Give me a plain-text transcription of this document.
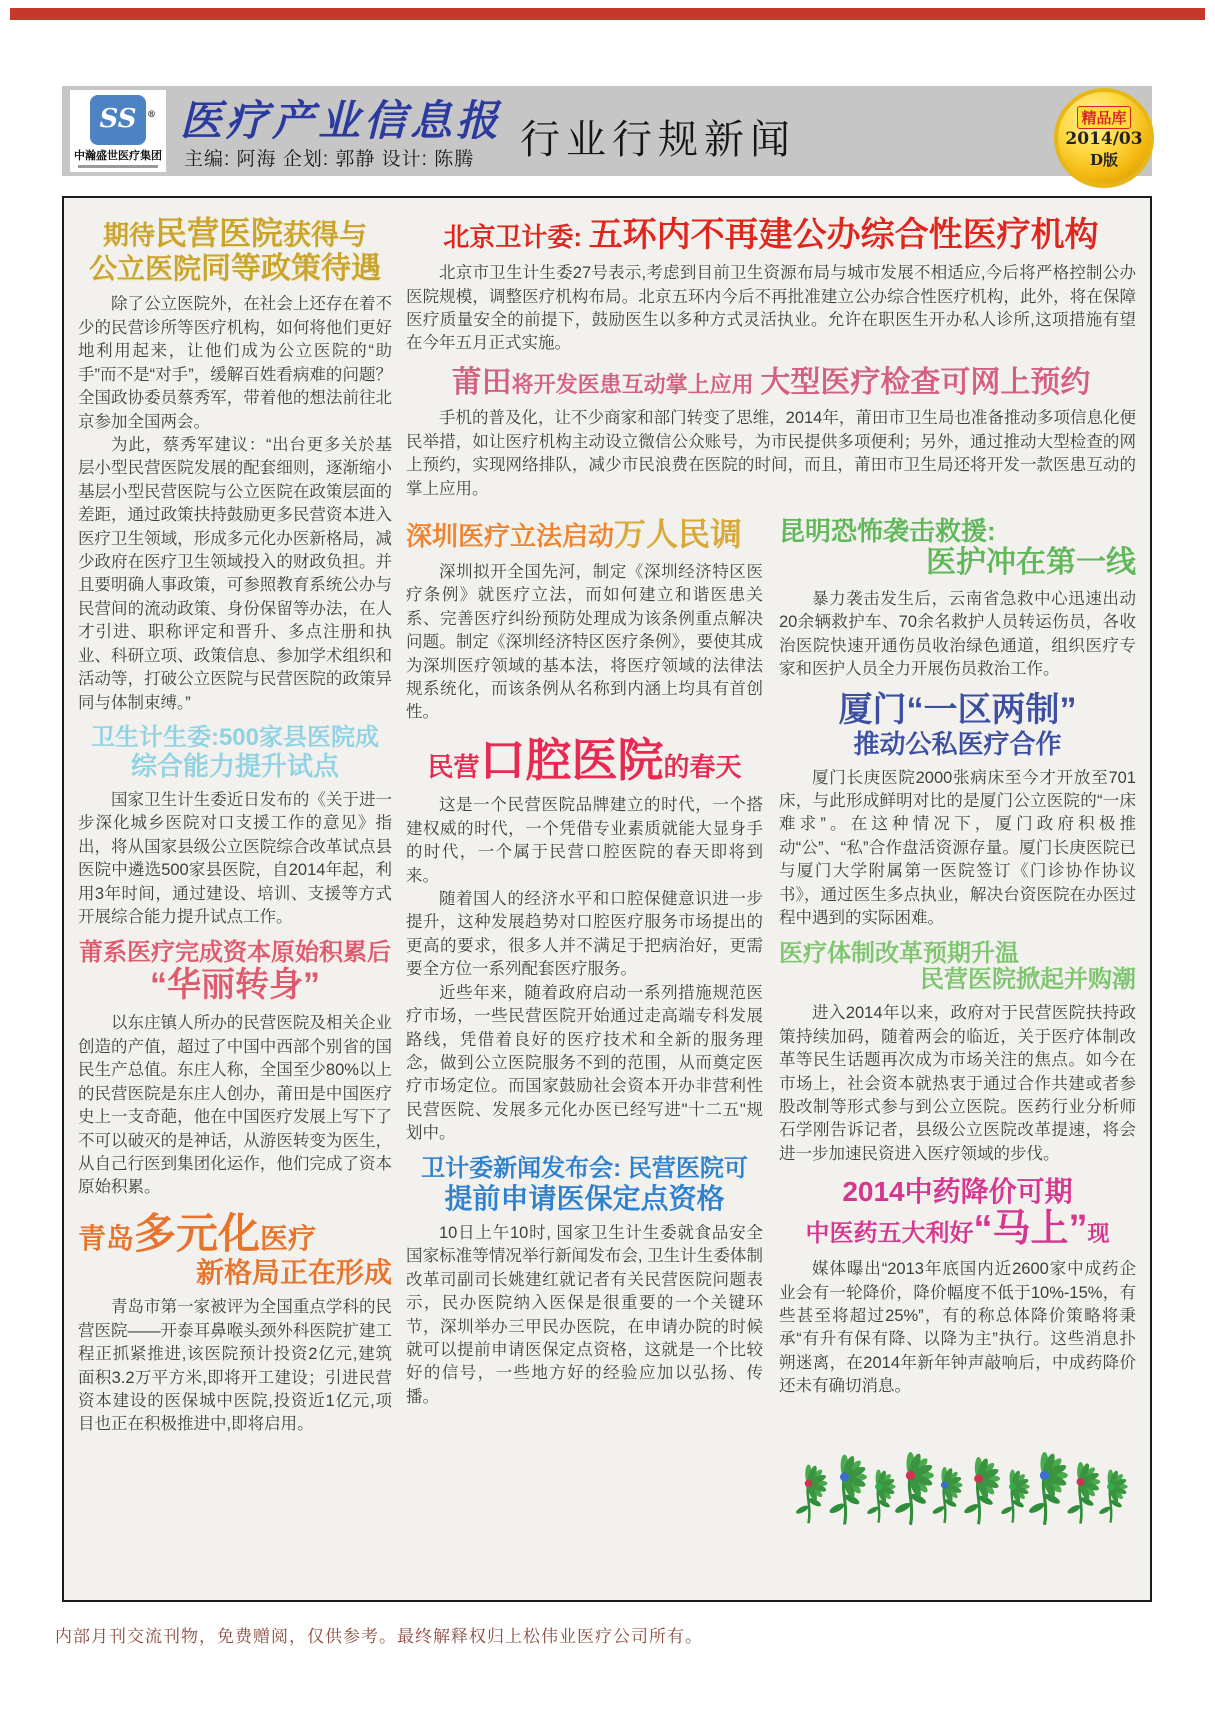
SS ®
中瀚盛世医疗集团
医疗产业信息报
主编: 阿海 企划: 郭静 设计: 陈腾 行业行规新闻	精品库
2014/03
D版
期待民营医院获得与
公立医院同等政策待遇

除了公立医院外，在社会上还存在着不少的民营诊所等医疗机构，如何将他们更好地利用起来，让他们成为公立医院的“助手”而不是“对手”，缓解百姓看病难的问题？全国政协委员蔡秀军，带着他的想法前往北京参加全国两会。

为此，蔡秀军建议：“出台更多关於基层小型民营医院发展的配套细则，逐渐缩小基层小型民营医院与公立医院在政策层面的差距，通过政策扶持鼓励更多民营资本进入医疗卫生领域，形成多元化办医新格局，减少政府在医疗卫生领域投入的财政负担。并且要明确人事政策，可参照教育系统公办与民营间的流动政策、身份保留等办法，在人才引进、职称评定和晋升、多点注册和执业、科研立项、政策信息、参加学术组织和活动等，打破公立医院与民营医院的政策异同与体制束缚。”

卫生计生委:500家县医院成
综合能力提升试点

国家卫生计生委近日发布的《关于进一步深化城乡医院对口支援工作的意见》指出，将从国家县级公立医院综合改革试点县医院中遴选500家县医院，自2014年起，利用3年时间，通过建设、培训、支援等方式开展综合能力提升试点工作。

莆系医疗完成资本原始积累后
“华丽转身”

以东庄镇人所办的民营医院及相关企业创造的产值，超过了中国中西部个别省的国民生产总值。东庄人称，全国至少80%以上的民营医院是东庄人创办，莆田是中国医疗史上一支奇葩，他在中国医疗发展上写下了不可以破灭的是神话，从游医转变为医生，从自己行医到集团化运作，他们完成了资本原始积累。

青岛多元化医疗
新格局正在形成

青岛市第一家被评为全国重点学科的民营医院——开泰耳鼻喉头颈外科医院扩建工程正抓紧推进,该医院预计投资2亿元,建筑面积3.2万平方米,即将开工建设；引进民营资本建设的医保城中医院,投资近1亿元,项目也正在积极推进中,即将启用。

北京卫计委: 五环内不再建公办综合性医疗机构

北京市卫生计生委27号表示,考虑到目前卫生资源布局与城市发展不相适应,今后将严格控制公办医院规模，调整医疗机构布局。北京五环内今后不再批准建立公办综合性医疗机构，此外，将在保障医疗质量安全的前提下，鼓励医生以多种方式灵活执业。允许在职医生开办私人诊所,这项措施有望在今年五月正式实施。

莆田将开发医患互动掌上应用 大型医疗检查可网上预约

手机的普及化，让不少商家和部门转变了思维，2014年，莆田市卫生局也准备推动多项信息化便民举措，如让医疗机构主动设立微信公众账号，为市民提供多项便利；另外，通过推动大型检查的网上预约，实现网络排队，减少市民浪费在医院的时间，而且，莆田市卫生局还将开发一款医患互动的掌上应用。

深圳医疗立法启动万人民调

深圳拟开全国先河，制定《深圳经济特区医疗条例》就医疗立法，而如何建立和谐医患关系、完善医疗纠纷预防处理成为该条例重点解决问题。制定《深圳经济特区医疗条例》，要使其成为深圳医疗领域的基本法，将医疗领域的法律法规系统化，而该条例从名称到内涵上均具有首创性。

民营口腔医院的春天

这是一个民营医院品牌建立的时代，一个搭建权威的时代，一个凭借专业素质就能大显身手的时代，一个属于民营口腔医院的春天即将到来。

随着国人的经济水平和口腔保健意识进一步提升，这种发展趋势对口腔医疗服务市场提出的更高的要求，很多人并不满足于把病治好，更需要全方位一系列配套医疗服务。

近些年来，随着政府启动一系列措施规范医疗市场，一些民营医院开始通过走高端专科发展路线，凭借着良好的医疗技术和全新的服务理念，做到公立医院服务不到的范围，从而奠定医疗市场定位。而国家鼓励社会资本开办非营利性民营医院、发展多元化办医已经写进"十二五"规划中。

卫计委新闻发布会: 民营医院可
提前申请医保定点资格

10日上午10时, 国家卫生计生委就食品安全国家标准等情况举行新闻发布会, 卫生计生委体制改革司副司长姚建红就记者有关民营医院问题表示，民办医院纳入医保是很重要的一个关键环节，深圳举办三甲民办医院，在申请办院的时候就可以提前申请医保定点资格，这就是一个比较好的信号，一些地方好的经验应加以弘扬、传播。

昆明恐怖袭击救援:
医护冲在第一线

暴力袭击发生后，云南省急救中心迅速出动20余辆救护车、70余名救护人员转运伤员，各收治医院快速开通伤员收治绿色通道，组织医疗专家和医护人员全力开展伤员救治工作。

厦门“一区两制”
推动公私医疗合作

厦门长庚医院2000张病床至今才开放至701床，与此形成鲜明对比的是厦门公立医院的“一床难求”。在这种情况下，厦门政府积极推动“公”、“私”合作盘活资源存量。厦门长庚医院已与厦门大学附属第一医院签订《门诊协作协议书》，通过医生多点执业，解决台资医院在办医过程中遇到的实际困难。

医疗体制改革预期升温
民营医院掀起并购潮

进入2014年以来，政府对于民营医院扶持政策持续加码，随着两会的临近，关于医疗体制改革等民生话题再次成为市场关注的焦点。如今在市场上，社会资本就热衷于通过合作共建或者参股改制等形式参与到公立医院。医药行业分析师石学刚告诉记者，县级公立医院改革提速，将会进一步加速民资进入医疗领域的步伐。

2014中药降价可期
中医药五大利好“马上”现

媒体曝出“2013年底国内近2600家中成药企业会有一轮降价，降价幅度不低于10%-15%，有些甚至将超过25%”，有的称总体降价策略将秉承“有升有保有降、以降为主”执行。这些消息扑朔迷离，在2014年新年钟声敲响后，中成药降价还未有确切消息。

内部月刊交流刊物，免费赠阅，仅供参考。最终解释权归上松伟业医疗公司所有。
